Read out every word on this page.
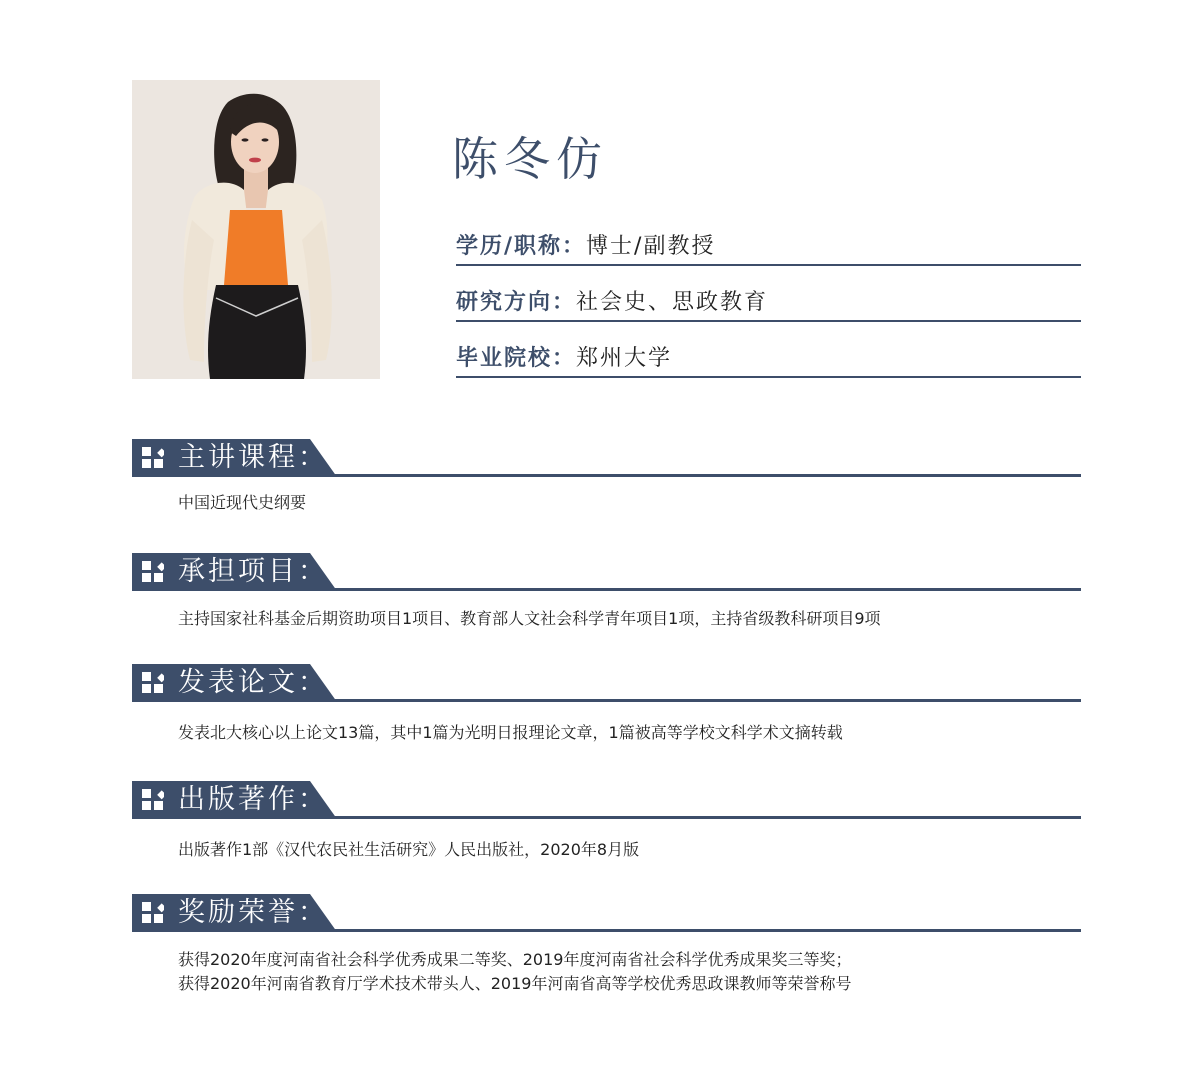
陈冬仿
学历/职称： 博士/副教授
研究方向： 社会史、思政教育
毕业院校： 郑州大学
主讲课程：
中国近现代史纲要
承担项目：
主持国家社科基金后期资助项目1项目、教育部人文社会科学青年项目1项，主持省级教科研项目9项
发表论文：
发表北大核心以上论文13篇，其中1篇为光明日报理论文章，1篇被高等学校文科学术文摘转载
出版著作：
出版著作1部《汉代农民社生活研究》人民出版社，2020年8月版
奖励荣誉：
获得2020年度河南省社会科学优秀成果二等奖、2019年度河南省社会科学优秀成果奖三等奖；
获得2020年河南省教育厅学术技术带头人、2019年河南省高等学校优秀思政课教师等荣誉称号
